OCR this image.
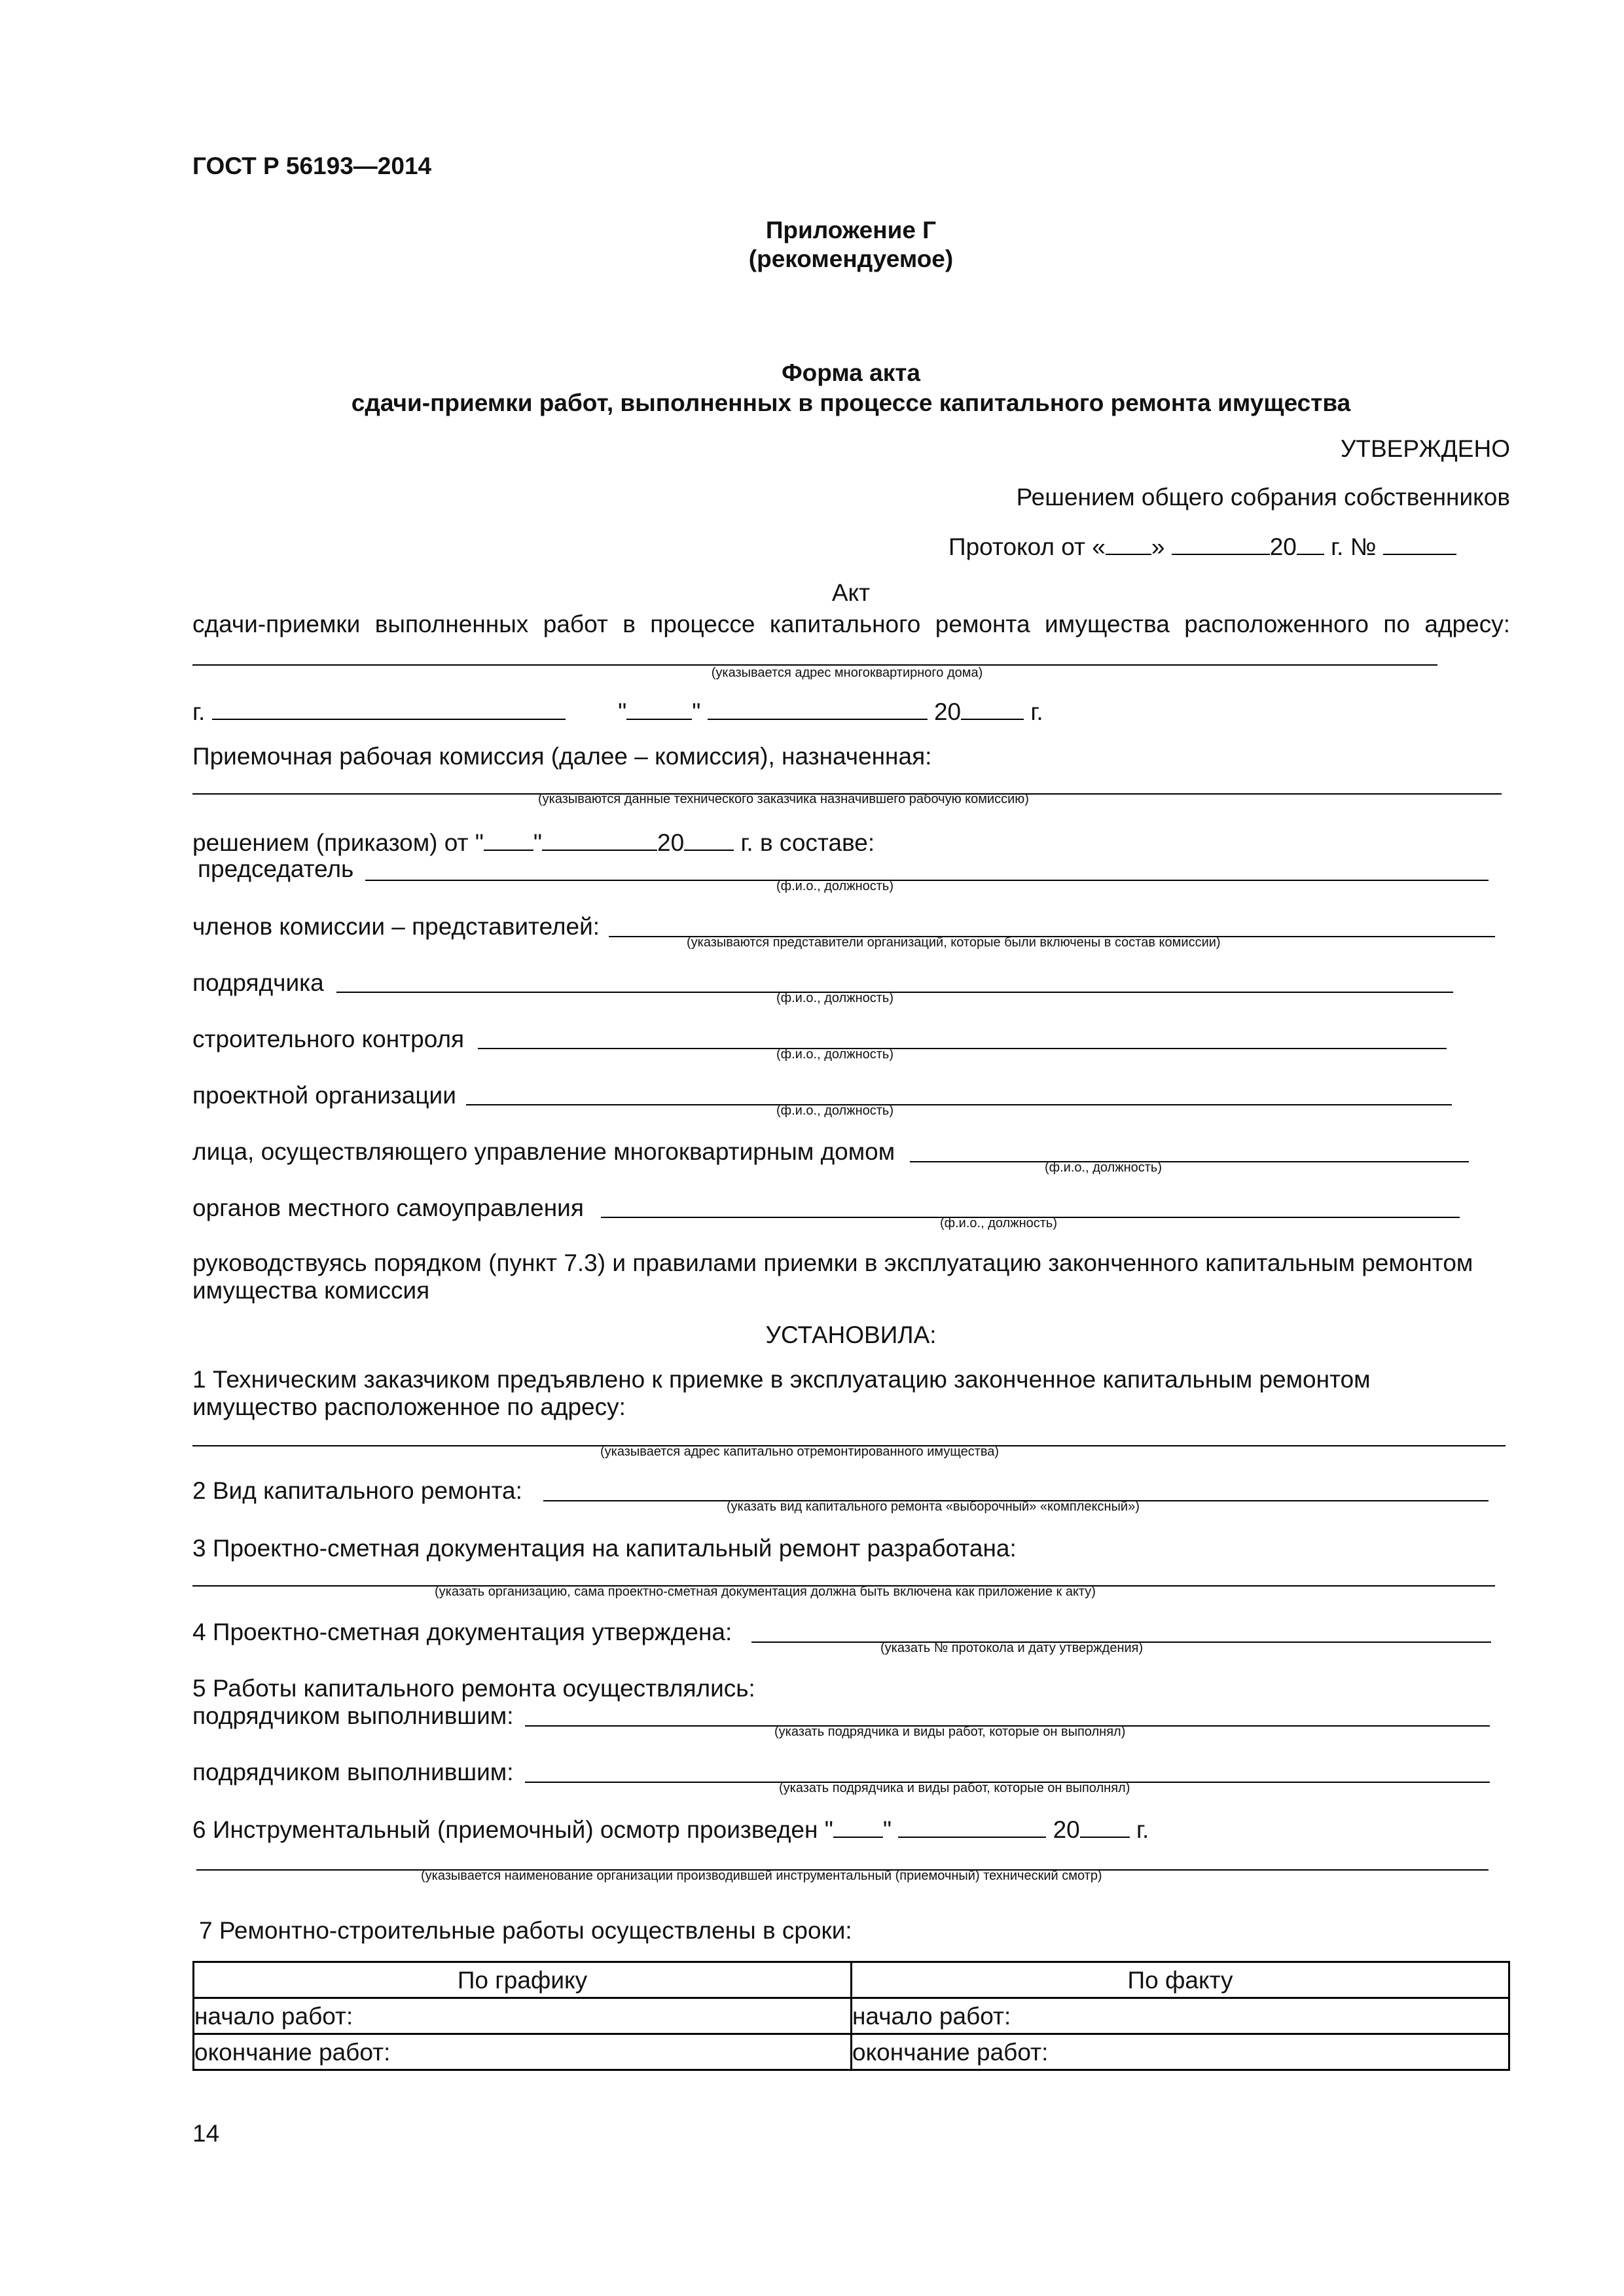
ГОСТ Р 56193—2014
Приложение Г
(рекомендуемое)
Форма акта
сдачи-приемки работ, выполненных в процессе капитального ремонта имущества
УТВЕРЖДЕНО
Решением общего собрания собственников
Протокол от « »	20 г. №
Акт
сдачи-приемки выполненных работ в процессе капитального ремонта имущества расположенного по адресу:
(указывается адрес многоквартирного дома)
г.	"	"	20	г.
Приемочная рабочая комиссия (далее – комиссия), назначенная:
(указываются данные технического заказчика назначившего рабочую комиссию)
решением (приказом) от " "	20 г. в составе:
председатель
(ф.и.о., должность)
членов комиссии – представителей:
(указываются представители организаций, которые были включены в состав комиссии)
подрядчика
(ф.и.о., должность)
строительного контроля
(ф.и.о., должность)
проектной организации
(ф.и.о., должность)
лица, осуществляющего управление многоквартирным домом
(ф.и.о., должность)
органов местного самоуправления
(ф.и.о., должность)
руководствуясь порядком (пункт 7.3) и правилами приемки в эксплуатацию законченного капитальным ремонтом
имущества комиссия
УСТАНОВИЛА:
1 Техническим заказчиком предъявлено к приемке в эксплуатацию законченное капитальным ремонтом
имущество расположенное по адресу:
(указывается адрес капитально отремонтированного имущества)
2 Вид капитального ремонта:
(указать вид капитального ремонта «выборочный» «комплексный»)
3 Проектно-сметная документация на капитальный ремонт разработана:
(указать организацию, сама проектно-сметная документация должна быть включена как приложение к акту)
4 Проектно-сметная документация утверждена:
(указать № протокола и дату утверждения)
5 Работы капитального ремонта осуществлялись:
подрядчиком выполнившим:
(указать подрядчика и виды работ, которые он выполнял)
подрядчиком выполнившим:
(указать подрядчика и виды работ, которые он выполнял)
6 Инструментальный (приемочный) осмотр произведен " "	20 г.
(указывается наименование организации производившей инструментальный (приемочный) технический смотр)
7 Ремонтно-строительные работы осуществлены в сроки:
По графику	По факту
начало работ:	начало работ:
окончание работ:	окончание работ:
14
